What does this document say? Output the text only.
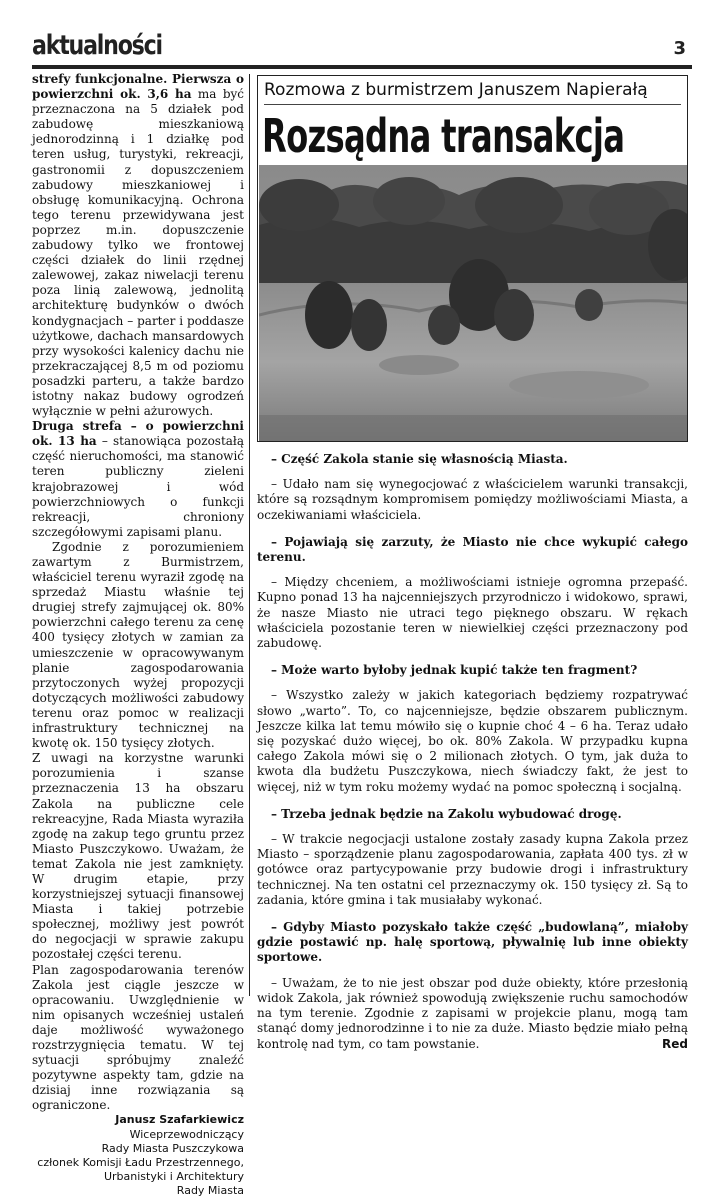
aktualności	3

strefy funkcjonalne. Pierwsza o powierzchni ok. 3,6 ha ma być przeznaczona na 5 działek pod zabudowę mieszkaniową jednorodzinną i 1 działkę pod teren usług, turystyki, rekreacji, gastronomii z dopuszczeniem zabudowy mieszkaniowej i obsługę komunikacyjną. Ochrona tego terenu przewidywana jest poprzez m.in. dopuszczenie zabudowy tylko we frontowej części działek do linii rzędnej zalewowej, zakaz niwelacji terenu poza linią zalewową, jednolitą architekturę budynków o dwóch kondygnacjach – parter i poddasze użytkowe, dachach mansardowych przy wysokości kalenicy dachu nie przekraczającej 8,5 m od poziomu posadzki parteru, a także bardzo istotny nakaz budowy ogrodzeń wyłącznie w pełni ażurowych.

Druga strefa – o powierzchni ok. 13 ha – stanowiąca pozostałą część nieruchomości, ma stanowić teren publiczny zieleni krajobrazowej i wód powierzchniowych o funkcji rekreacji, chroniony szczegółowymi zapisami planu.

Zgodnie z porozumieniem zawartym z Burmistrzem, właściciel terenu wyraził zgodę na sprzedaż Miastu właśnie tej drugiej strefy zajmującej ok. 80% powierzchni całego terenu za cenę 400 tysięcy złotych w zamian za umieszczenie w opracowywanym planie zagospodarowania przytoczonych wyżej propozycji dotyczących możliwości zabudowy terenu oraz pomoc w realizacji infrastruktury technicznej na kwotę ok. 150 tysięcy złotych.

Z uwagi na korzystne warunki porozumienia i szanse przeznaczenia 13 ha obszaru Zakola na publiczne cele rekreacyjne, Rada Miasta wyraziła zgodę na zakup tego gruntu przez Miasto Puszczykowo. Uważam, że temat Zakola nie jest zamknięty. W drugim etapie, przy korzystniejszej sytuacji finansowej Miasta i takiej potrzebie społecznej, możliwy jest powrót do negocjacji w sprawie zakupu pozostałej części terenu.

Plan zagospodarowania terenów Zakola jest ciągle jeszcze w opracowaniu. Uwzględnienie w nim opisanych wcześniej ustaleń daje możliwość wyważonego rozstrzygnięcia tematu. W tej sytuacji spróbujmy znaleźć pozytywne aspekty tam, gdzie na dzisiaj inne rozwiązania są ograniczone.

Janusz Szafarkiewicz
Wiceprzewodniczący
Rady Miasta Puszczykowa
członek Komisji Ładu Przestrzennego,
Urbanistyki i Architektury
Rady Miasta
Rozmowa z burmistrzem Januszem Napierałą
Rozsądna transakcja

– Część Zakola stanie się własnością Miasta.

– Udało nam się wynegocjować z właścicielem warunki transakcji, które są rozsądnym kompromisem pomiędzy możliwościami Miasta, a oczekiwaniami właściciela.

– Pojawiają się zarzuty, że Miasto nie chce wykupić całego terenu.

– Między chceniem, a możliwościami istnieje ogromna przepaść. Kupno ponad 13 ha najcenniejszych przyrodniczo i widokowo, sprawi, że nasze Miasto nie utraci tego pięknego obszaru. W rękach właściciela pozostanie teren w niewielkiej części przeznaczony pod zabudowę.

– Może warto byłoby jednak kupić także ten fragment?

– Wszystko zależy w jakich kategoriach będziemy rozpatrywać słowo „warto”. To, co najcenniejsze, będzie obszarem publicznym. Jeszcze kilka lat temu mówiło się o kupnie choć 4 – 6 ha. Teraz udało się pozyskać dużo więcej, bo ok. 80% Zakola. W przypadku kupna całego Zakola mówi się o 2 milionach złotych. O tym, jak duża to kwota dla budżetu Puszczykowa, niech świadczy fakt, że jest to więcej, niż w tym roku możemy wydać na pomoc społeczną i socjalną.

– Trzeba jednak będzie na Zakolu wybudować drogę.

– W trakcie negocjacji ustalone zostały zasady kupna Zakola przez Miasto – sporządzenie planu zagospodarowania, zapłata 400 tys. zł w gotówce oraz partycypowanie przy budowie drogi i infrastruktury technicznej. Na ten ostatni cel przeznaczymy ok. 150 tysięcy zł. Są to zadania, które gmina i tak musiałaby wykonać.

– Gdyby Miasto pozyskało także część „budowlaną”, miałoby gdzie postawić np. halę sportową, pływalnię lub inne obiekty sportowe.

– Uważam, że to nie jest obszar pod duże obiekty, które przesłonią widok Zakola, jak również spowodują zwiększenie ruchu samochodów na tym terenie. Zgodnie z zapisami w projekcie planu, mogą tam stanąć domy jednorodzinne i to nie za duże. Miasto będzie miało pełną kontrolę nad tym, co tam powstanie.	Red
